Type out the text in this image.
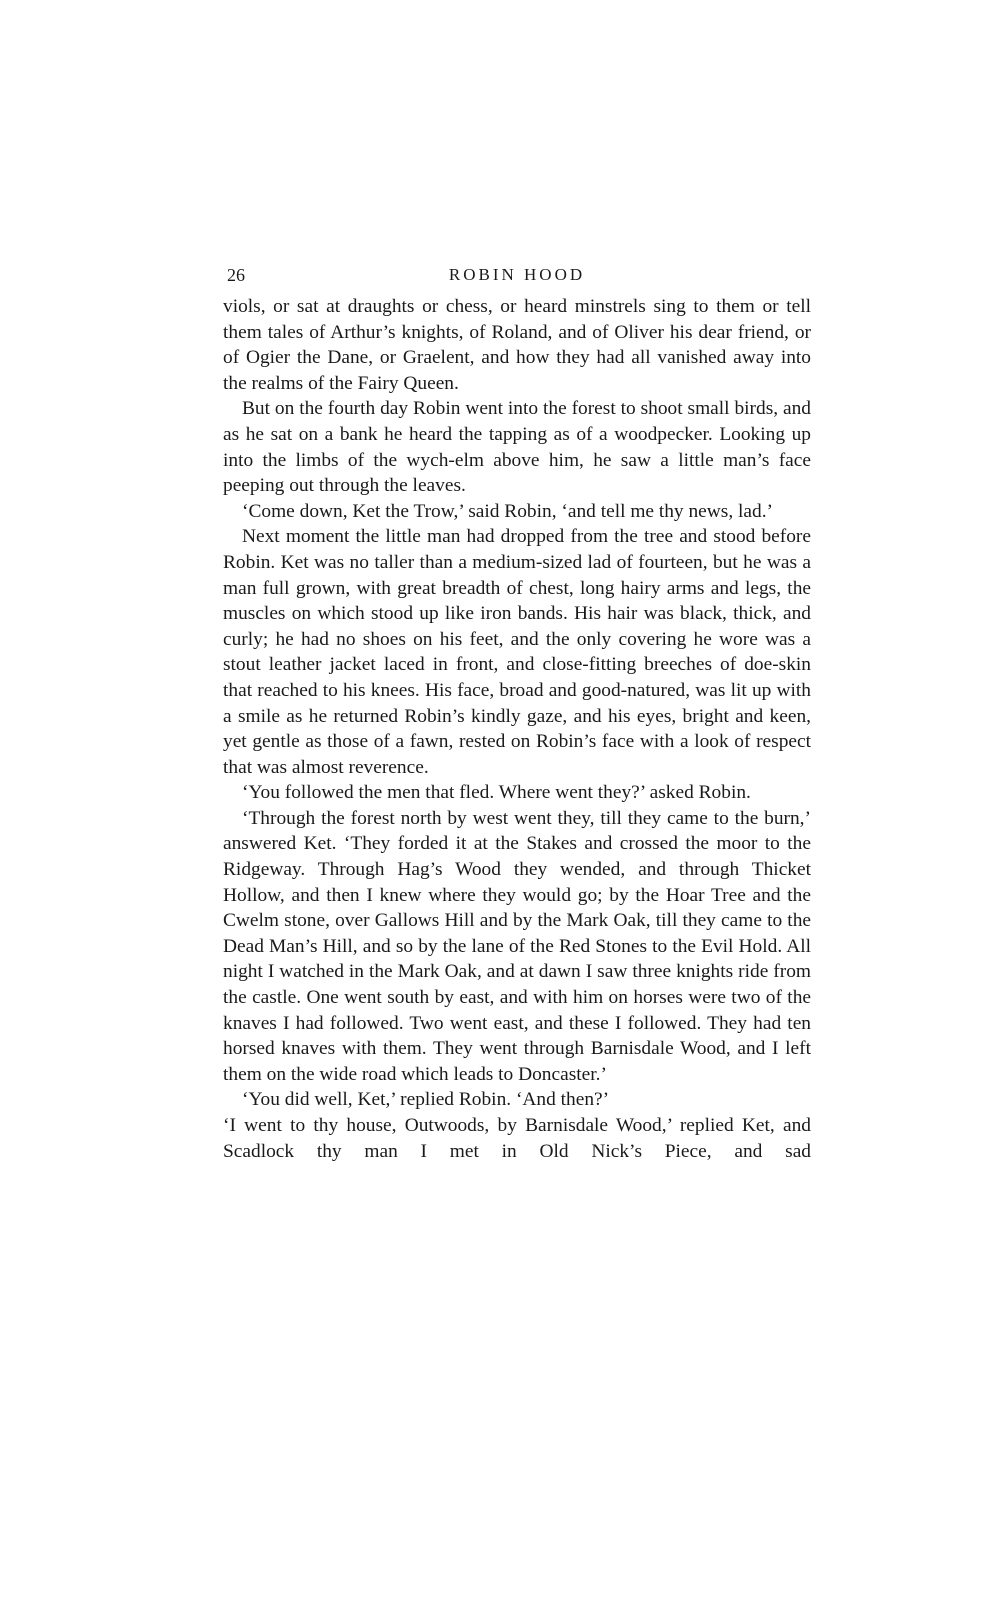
26	ROBIN HOOD

viols, or sat at draughts or chess, or heard minstrels sing to them or tell them tales of Arthur’s knights, of Roland, and of Oliver his dear friend, or of Ogier the Dane, or Graelent, and how they had all vanished away into the realms of the Fairy Queen.

But on the fourth day Robin went into the forest to shoot small birds, and as he sat on a bank he heard the tapping as of a woodpecker. Looking up into the limbs of the wych-elm above him, he saw a little man’s face peeping out through the leaves.

‘Come down, Ket the Trow,’ said Robin, ‘and tell me thy news, lad.’

Next moment the little man had dropped from the tree and stood before Robin. Ket was no taller than a medium-sized lad of fourteen, but he was a man full grown, with great breadth of chest, long hairy arms and legs, the muscles on which stood up like iron bands. His hair was black, thick, and curly; he had no shoes on his feet, and the only covering he wore was a stout leather jacket laced in front, and close-fitting breeches of doe-skin that reached to his knees. His face, broad and good-natured, was lit up with a smile as he returned Robin’s kindly gaze, and his eyes, bright and keen, yet gentle as those of a fawn, rested on Robin’s face with a look of respect that was almost reverence.

‘You followed the men that fled. Where went they?’ asked Robin.

‘Through the forest north by west went they, till they came to the burn,’ answered Ket. ‘They forded it at the Stakes and crossed the moor to the Ridgeway. Through Hag’s Wood they wended, and through Thicket Hollow, and then I knew where they would go; by the Hoar Tree and the Cwelm stone, over Gallows Hill and by the Mark Oak, till they came to the Dead Man’s Hill, and so by the lane of the Red Stones to the Evil Hold. All night I watched in the Mark Oak, and at dawn I saw three knights ride from the castle. One went south by east, and with him on horses were two of the knaves I had followed. Two went east, and these I followed. They had ten horsed knaves with them. They went through Barnisdale Wood, and I left them on the wide road which leads to Doncaster.’

‘You did well, Ket,’ replied Robin. ‘And then?’

‘I went to thy house, Outwoods, by Barnisdale Wood,’ replied Ket, and Scadlock thy man I met in Old Nick’s Piece, and sad
